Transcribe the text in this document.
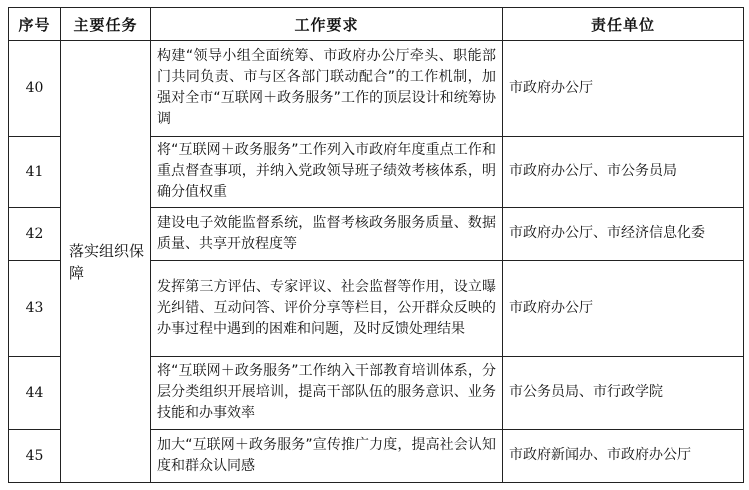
序号	主要任务	工作要求	责任单位
40	落实组织保障	构建“领导小组全面统筹、市政府办公厅牵头、职能部门共同负责、市与区各部门联动配合”的工作机制，加强对全市“互联网＋政务服务”工作的顶层设计和统筹协调	市政府办公厅
41		将“互联网＋政务服务”工作列入市政府年度重点工作和重点督查事项，并纳入党政领导班子绩效考核体系，明确分值权重	市政府办公厅、市公务员局
42		建设电子效能监督系统，监督考核政务服务质量、数据质量、共享开放程度等	市政府办公厅、市经济信息化委
43		发挥第三方评估、专家评议、社会监督等作用，设立曝光纠错、互动问答、评价分享等栏目，公开群众反映的办事过程中遇到的困难和问题，及时反馈处理结果	市政府办公厅
44		将“互联网＋政务服务”工作纳入干部教育培训体系，分层分类组织开展培训，提高干部队伍的服务意识、业务技能和办事效率	市公务员局、市行政学院
45		加大“互联网＋政务服务”宣传推广力度，提高社会认知度和群众认同感	市政府新闻办、市政府办公厅
